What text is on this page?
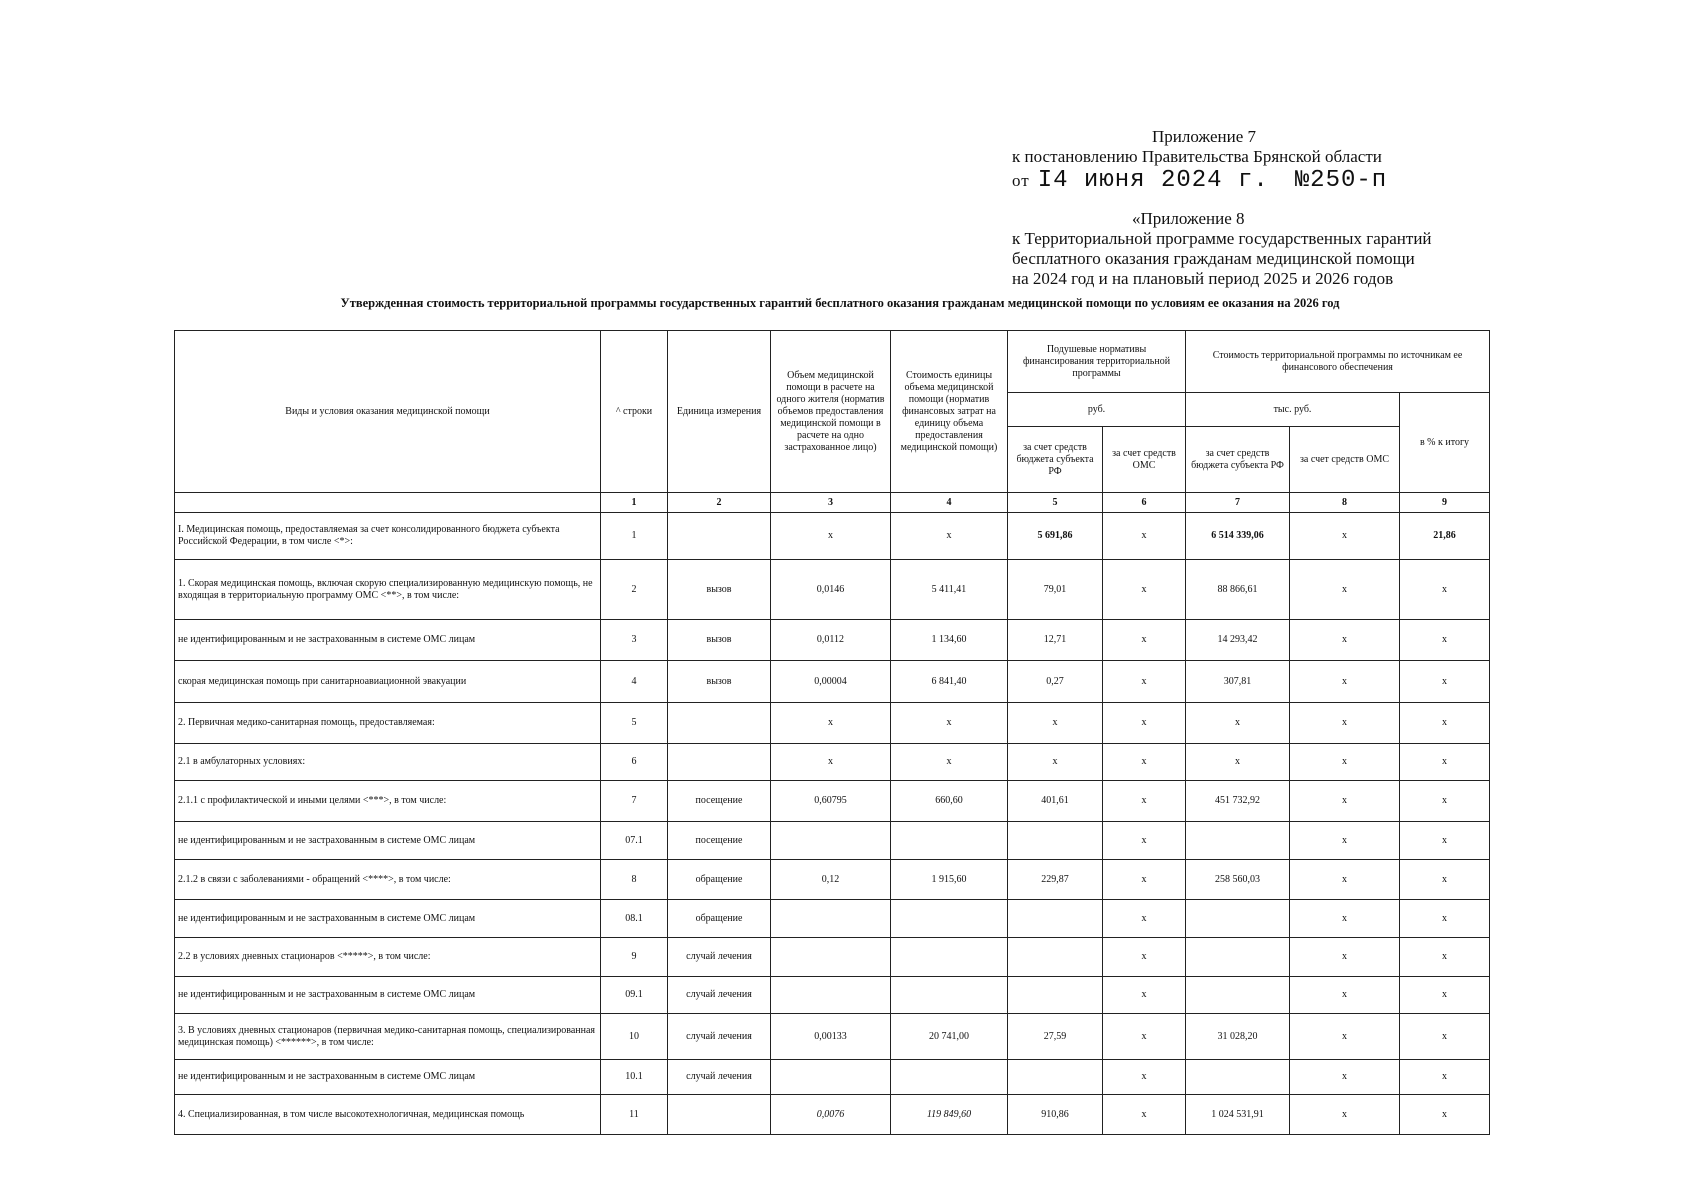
Приложение 7
к постановлению Правительства Брянской области
от I4 июня 2024 г. №250-п
«Приложение 8
к Территориальной программе государственных гарантий
бесплатного оказания гражданам медицинской помощи
на 2024 год и на плановый период 2025 и 2026 годов
Утвержденная стоимость территориальной программы государственных гарантий бесплатного оказания гражданам медицинской помощи по условиям ее оказания на 2026 год
Виды и условия оказания медицинской помощи	^ строки	Единица измерения	Объем медицинской помощи в расчете на одного жителя (норматив объемов предоставления медицинской помощи в расчете на одно застрахованное лицо)	Стоимость единицы объема медицинской помощи (норматив финансовых затрат на единицу объема предоставления медицинской помощи)	Подушевые нормативы финансирования территориальной программы		Стоимость территориальной программы по источникам ее финансового обеспечения		
					руб.		тыс. руб.		в % к итогу
					за счет средств бюджета субъекта РФ	за счет средств ОМС	за счет средств бюджета субъекта РФ	за счет средств ОМС	
	1	2	3	4	5	6	7	8	9
I. Медицинская помощь, предоставляемая за счет консолидированного бюджета субъекта Российской Федерации, в том числе <*>:	1		x	x	5 691,86	x	6 514 339,06	x	21,86
1. Скорая медицинская помощь, включая скорую специализированную медицинскую помощь, не входящая в территориальную программу ОМС <**>, в том числе:	2	вызов	0,0146	5 411,41	79,01	x	88 866,61	x	x
не идентифицированным и не застрахованным в системе ОМС лицам	3	вызов	0,0112	1 134,60	12,71	x	14 293,42	x	x
скорая медицинская помощь при санитарноавиационной эвакуации	4	вызов	0,00004	6 841,40	0,27	x	307,81	x	x
2. Первичная медико-санитарная помощь, предоставляемая:	5		x	x	x	x	x	x	x
2.1 в амбулаторных условиях:	6		x	x	x	x	x	x	x
2.1.1 с профилактической и иными целями <***>, в том числе:	7	посещение	0,60795	660,60	401,61	x	451 732,92	x	x
не идентифицированным и не застрахованным в системе ОМС лицам	07.1	посещение				x		x	x
2.1.2 в связи с заболеваниями - обращений <****>, в том числе:	8	обращение	0,12	1 915,60	229,87	x	258 560,03	x	x
не идентифицированным и не застрахованным в системе ОМС лицам	08.1	обращение				x		x	x
2.2 в условиях дневных стационаров <*****>, в том числе:	9	случай лечения				x		x	x
не идентифицированным и не застрахованным в системе ОМС лицам	09.1	случай лечения				x		x	x
3. В условиях дневных стационаров (первичная медико-санитарная помощь, специализированная медицинская помощь) <******>, в том числе:	10	случай лечения	0,00133	20 741,00	27,59	x	31 028,20	x	x
не идентифицированным и не застрахованным в системе ОМС лицам	10.1	случай лечения				x		x	x
4. Специализированная, в том числе высокотехнологичная, медицинская помощь	11		0,0076	119 849,60	910,86	x	1 024 531,91	x	x
